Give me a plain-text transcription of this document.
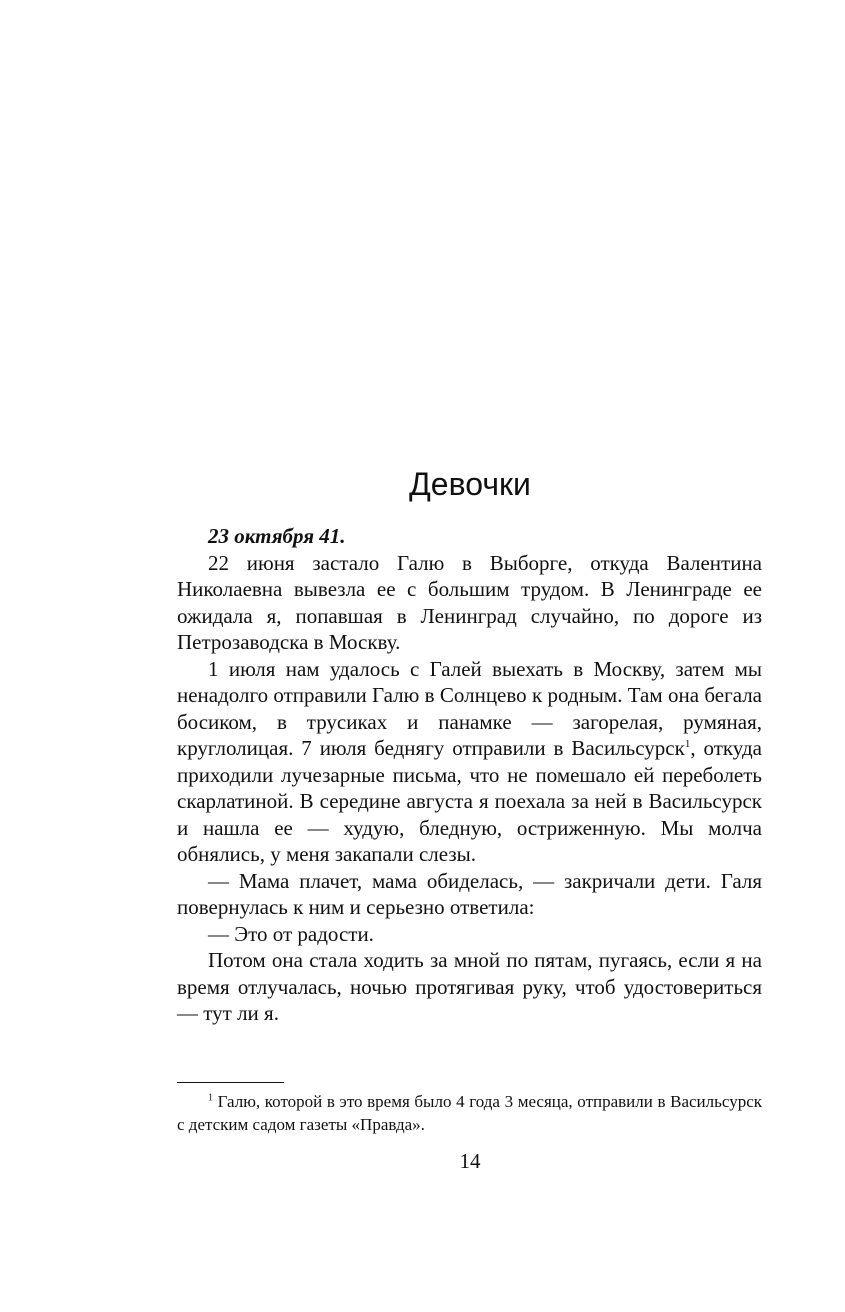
Девочки

23 октября 41.

22 июня застало Галю в Выборге, откуда Валентина Николаевна вывезла ее с большим трудом. В Ленинграде ее ожидала я, попавшая в Ленинград случайно, по дороге из Петрозаводска в Москву.

1 июля нам удалось с Галей выехать в Москву, затем мы ненадолго отправили Галю в Солнцево к родным. Там она бегала босиком, в трусиках и панамке — загорелая, румяная, круглолицая. 7 июля беднягу отправили в Васильсурск$^1$, откуда приходили лучезарные письма, что не помешало ей переболеть скарлатиной. В середине августа я поехала за ней в Васильсурск и нашла ее — худую, бледную, остриженную. Мы молча обнялись, у меня закапали слезы.

— Мама плачет, мама обиделась, — закричали дети. Галя повернулась к ним и серьезно ответила:

— Это от радости.

Потом она стала ходить за мной по пятам, пугаясь, если я на время отлучалась, ночью протягивая руку, чтоб удостовериться — тут ли я.

$^1$ Галю, которой в это время было 4 года 3 месяца, отправили в Васильсурск с детским садом газеты «Правда».

14
